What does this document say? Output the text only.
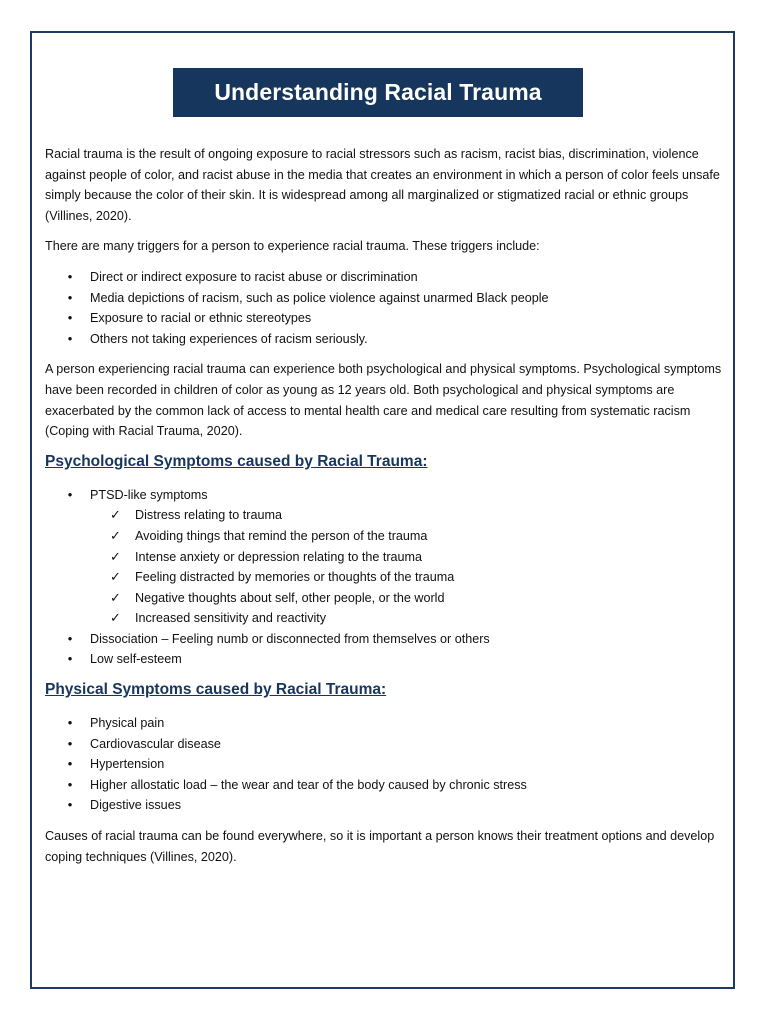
Understanding Racial Trauma

Racial trauma is the result of ongoing exposure to racial stressors such as racism, racist bias, discrimination, violence against people of color, and racist abuse in the media that creates an environment in which a person of color feels unsafe simply because the color of their skin. It is widespread among all marginalized or stigmatized racial or ethnic groups (Villines, 2020).

There are many triggers for a person to experience racial trauma. These triggers include:

• Direct or indirect exposure to racist abuse or discrimination
• Media depictions of racism, such as police violence against unarmed Black people
• Exposure to racial or ethnic stereotypes
• Others not taking experiences of racism seriously.

A person experiencing racial trauma can experience both psychological and physical symptoms. Psychological symptoms have been recorded in children of color as young as 12 years old. Both psychological and physical symptoms are exacerbated by the common lack of access to mental health care and medical care resulting from systematic racism (Coping with Racial Trauma, 2020).

Psychological Symptoms caused by Racial Trauma:
• PTSD-like symptoms
✓ Distress relating to trauma
✓ Avoiding things that remind the person of the trauma
✓ Intense anxiety or depression relating to the trauma
✓ Feeling distracted by memories or thoughts of the trauma
✓ Negative thoughts about self, other people, or the world
✓ Increased sensitivity and reactivity
• Dissociation – Feeling numb or disconnected from themselves or others
• Low self-esteem
Physical Symptoms caused by Racial Trauma:
• Physical pain
• Cardiovascular disease
• Hypertension
• Higher allostatic load – the wear and tear of the body caused by chronic stress
• Digestive issues

Causes of racial trauma can be found everywhere, so it is important a person knows their treatment options and develop coping techniques (Villines, 2020).
